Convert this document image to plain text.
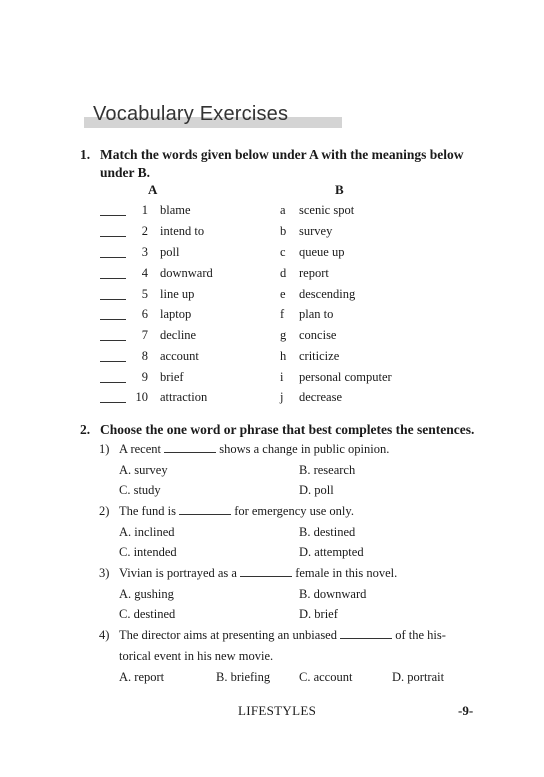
Vocabulary Exercises
1. Match the words given below under A with the meanings below
under B.
A	B
1 blame	a scenic spot
2 intend to	b survey
3 poll	c queue up
4 downward	d report
5 line up	e descending
6 laptop	f plan to
7 decline	g concise
8 account	h criticize
9 brief	i personal computer
10 attraction	j decrease
2. Choose the one word or phrase that best completes the sentences.
1) A recent	shows a change in public opinion.
A. survey	B. research
C. study	D. poll
2) The fund is	for emergency use only.
A. inclined	B. destined
C. intended	D. attempted
3) Vivian is portrayed as a	female in this novel.
A. gushing	B. downward
C. destined	D. brief
4) The director aims at presenting an unbiased	of the his-
torical event in his new movie.
A. report	B. briefing C. account	D. portrait
LIFESTYLES	-9-
